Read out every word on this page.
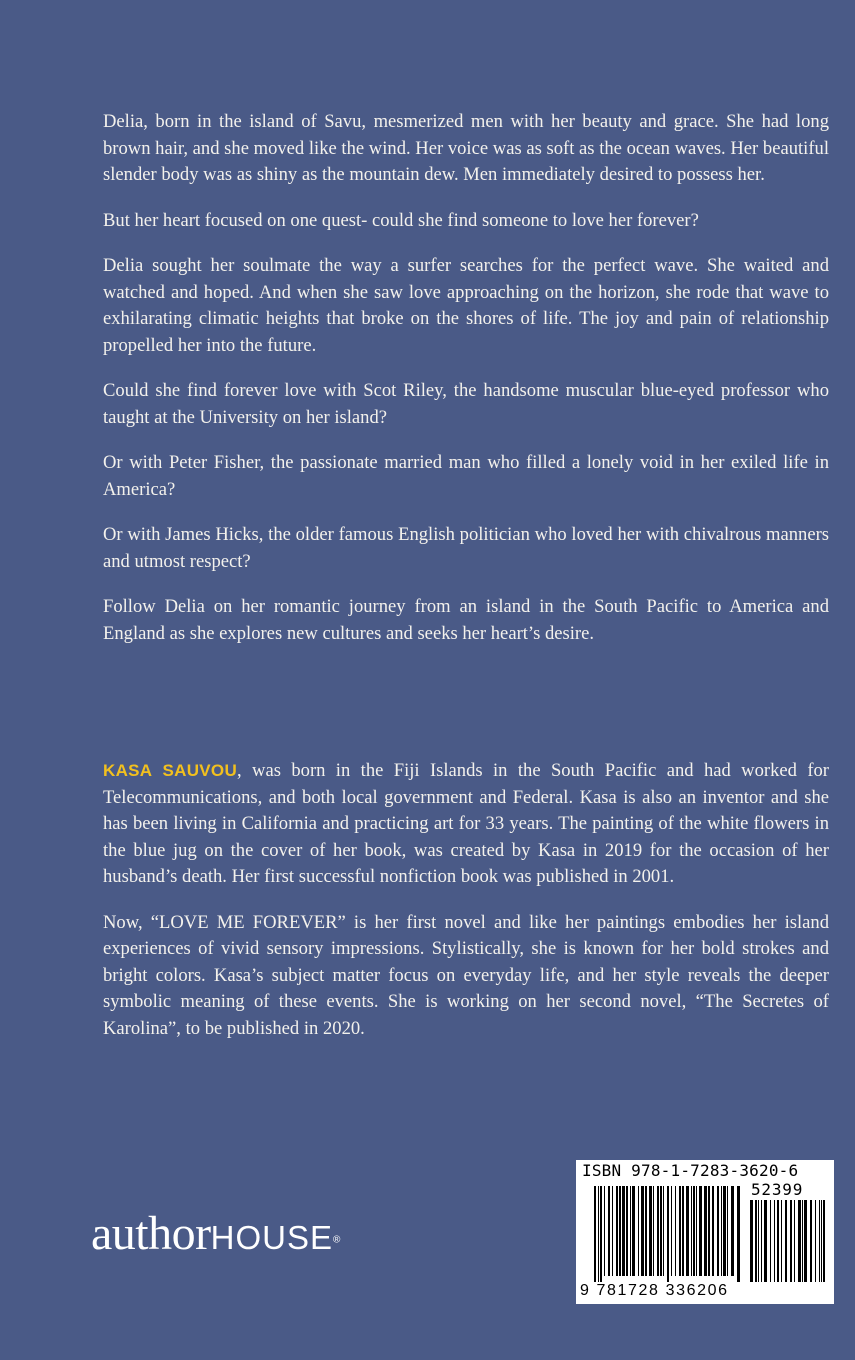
Delia, born in the island of Savu, mesmerized men with her beauty and grace. She had long brown hair, and she moved like the wind. Her voice was as soft as the ocean waves. Her beautiful slender body was as shiny as the mountain dew. Men immediately desired to possess her.

But her heart focused on one quest- could she find someone to love her forever?

Delia sought her soulmate the way a surfer searches for the perfect wave. She waited and watched and hoped. And when she saw love approaching on the horizon, she rode that wave to exhilarating climatic heights that broke on the shores of life. The joy and pain of relationship propelled her into the future.

Could she find forever love with Scot Riley, the handsome muscular blue-eyed professor who taught at the University on her island?

Or with Peter Fisher, the passionate married man who filled a lonely void in her exiled life in America?

Or with James Hicks, the older famous English politician who loved her with chivalrous manners and utmost respect?

Follow Delia on her romantic journey from an island in the South Pacific to America and England as she explores new cultures and seeks her heart’s desire.

KASA SAUVOU, was born in the Fiji Islands in the South Pacific and had worked for Telecommunications, and both local government and Federal. Kasa is also an inventor and she has been living in California and practicing art for 33 years. The painting of the white flowers in the blue jug on the cover of her book, was created by Kasa in 2019 for the occasion of her husband’s death. Her first successful nonfiction book was published in 2001.

Now, “LOVE ME FOREVER” is her first novel and like her paintings embodies her island experiences of vivid sensory impressions. Stylistically, she is known for her bold strokes and bright colors. Kasa’s subject matter focus on everyday life, and her style reveals the deeper symbolic meaning of these events. She is working on her second novel, “The Secretes of Karolina”, to be published in 2020.

authorHOUSE®
ISBN 978-1-7283-3620-6
52399
9 781728 336206
